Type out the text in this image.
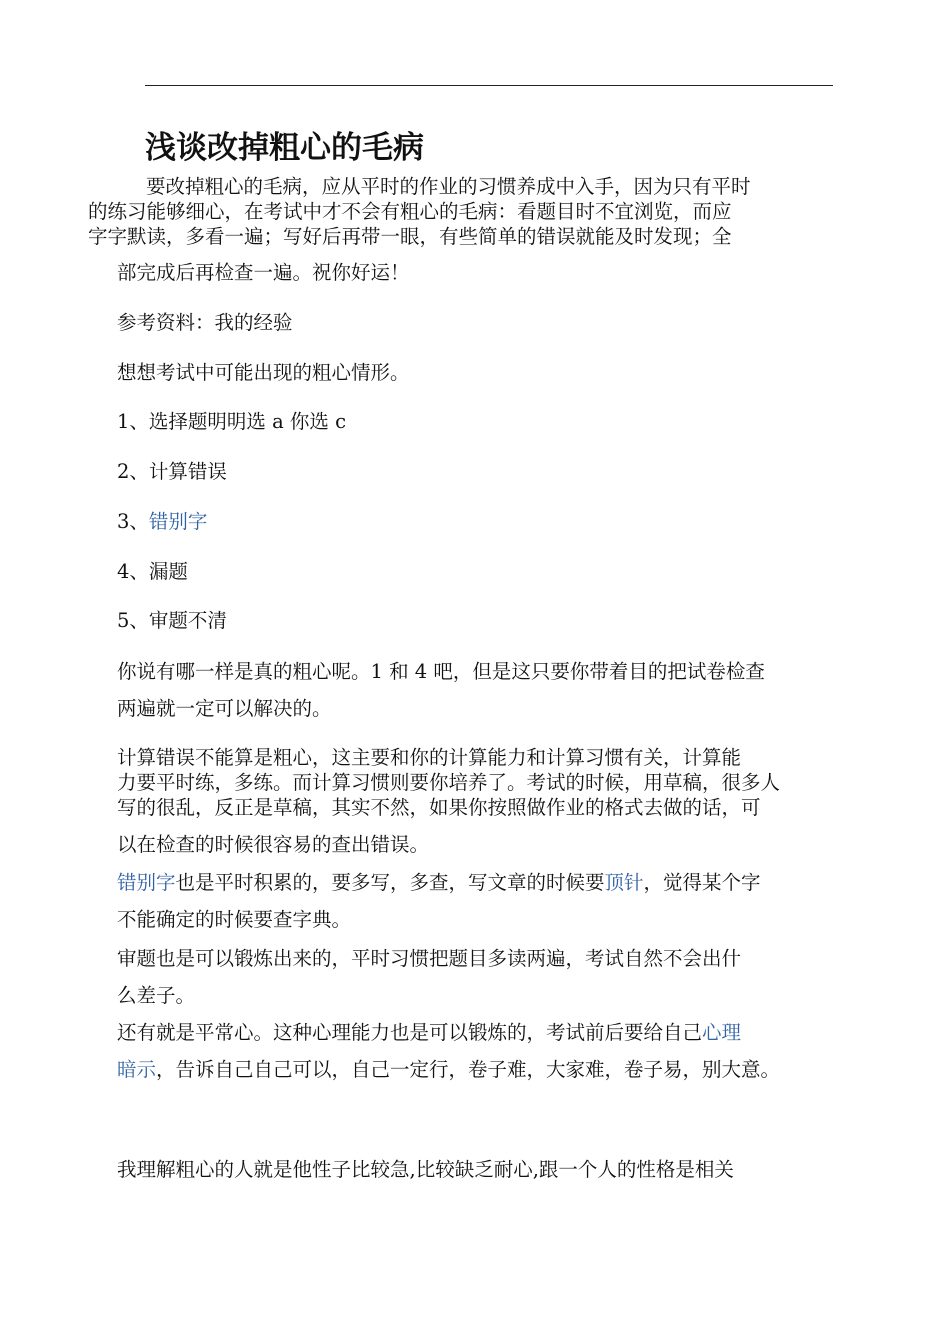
浅谈改掉粗心的毛病
要改掉粗心的毛病，应从平时的作业的习惯养成中入手，因为只有平时
的练习能够细心，在考试中才不会有粗心的毛病：看题目时不宜浏览，而应
字字默读，多看一遍；写好后再带一眼，有些简单的错误就能及时发现；全
部完成后再检查一遍。祝你好运！
参考资料：我的经验
想想考试中可能出现的粗心情形。
1、选择题明明选 a 你选 c
2、计算错误
3、错别字
4、漏题
5、审题不清
你说有哪一样是真的粗心呢。1 和 4 吧，但是这只要你带着目的把试卷检查
两遍就一定可以解决的。
计算错误不能算是粗心，这主要和你的计算能力和计算习惯有关，计算能
力要平时练，多练。而计算习惯则要你培养了。考试的时候，用草稿，很多人
写的很乱，反正是草稿，其实不然，如果你按照做作业的格式去做的话，可
以在检查的时候很容易的查出错误。
错别字也是平时积累的，要多写，多查，写文章的时候要顶针，觉得某个字
不能确定的时候要查字典。
审题也是可以锻炼出来的，平时习惯把题目多读两遍，考试自然不会出什
么差子。
还有就是平常心。这种心理能力也是可以锻炼的，考试前后要给自己心理
暗示，告诉自己自己可以，自己一定行，卷子难，大家难，卷子易，别大意。
我理解粗心的人就是他性子比较急,比较缺乏耐心,跟一个人的性格是相关
